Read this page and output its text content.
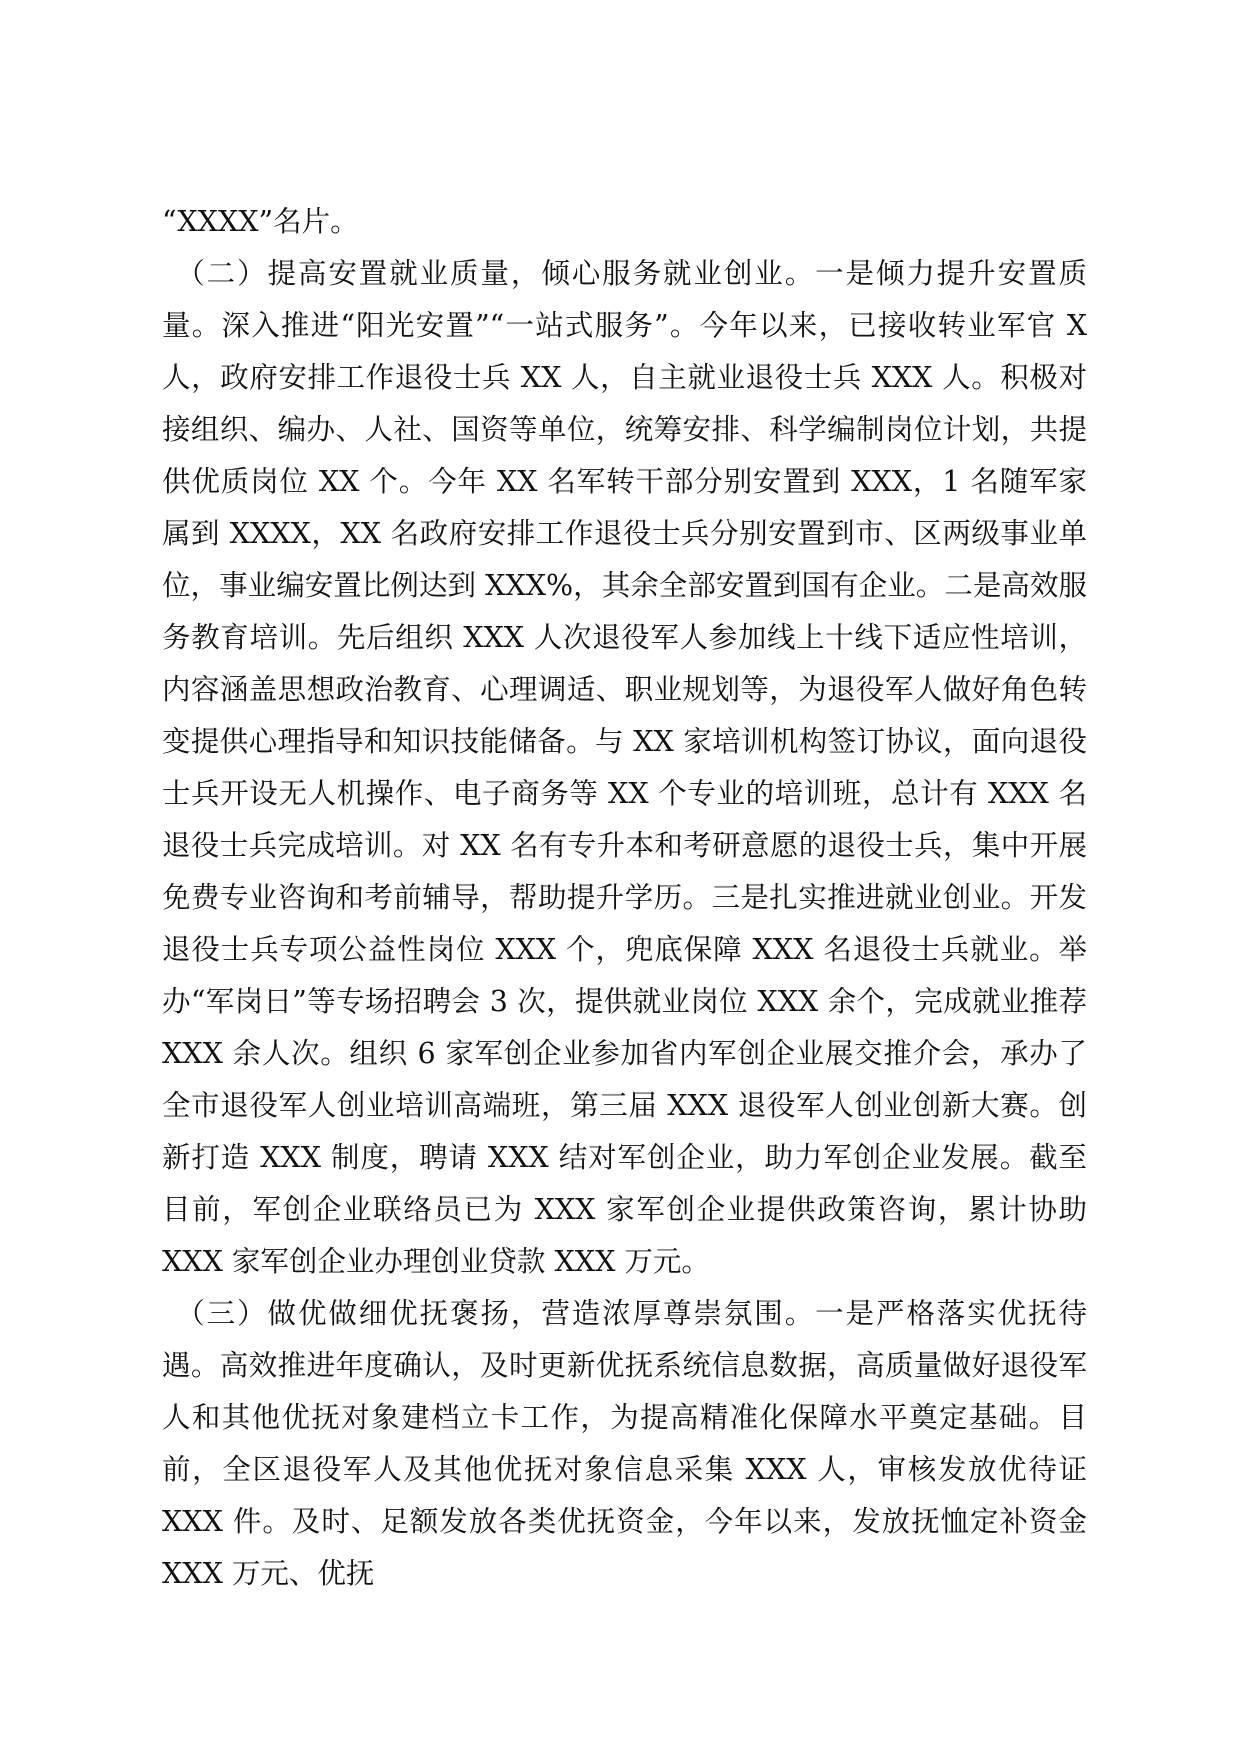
“XXXX”名片。

（二）提高安置就业质量，倾心服务就业创业。一是倾力提升安置质量。深入推进“阳光安置”“一站式服务”。今年以来，已接收转业军官 X 人，政府安排工作退役士兵 XX 人，自主就业退役士兵 XXX 人。积极对接组织、编办、人社、国资等单位，统筹安排、科学编制岗位计划，共提供优质岗位 XX 个。今年 XX 名军转干部分别安置到 XXX，1 名随军家属到 XXXX，XX 名政府安排工作退役士兵分别安置到市、区两级事业单位，事业编安置比例达到 XXX%，其余全部安置到国有企业。二是高效服务教育培训。先后组织 XXX 人次退役军人参加线上十线下适应性培训，内容涵盖思想政治教育、心理调适、职业规划等，为退役军人做好角色转变提供心理指导和知识技能储备。与 XX 家培训机构签订协议，面向退役士兵开设无人机操作、电子商务等 XX 个专业的培训班，总计有 XXX 名退役士兵完成培训。对 XX 名有专升本和考研意愿的退役士兵，集中开展免费专业咨询和考前辅导，帮助提升学历。三是扎实推进就业创业。开发退役士兵专项公益性岗位 XXX 个，兜底保障 XXX 名退役士兵就业。举办“军岗日”等专场招聘会 3 次，提供就业岗位 XXX 余个，完成就业推荐 XXX 余人次。组织 6 家军创企业参加省内军创企业展交推介会，承办了全市退役军人创业培训高端班，第三届 XXX 退役军人创业创新大赛。创新打造 XXX 制度，聘请 XXX 结对军创企业，助力军创企业发展。截至目前，军创企业联络员已为 XXX 家军创企业提供政策咨询，累计协助 XXX 家军创企业办理创业贷款 XXX 万元。

（三）做优做细优抚褒扬，营造浓厚尊崇氛围。一是严格落实优抚待遇。高效推进年度确认，及时更新优抚系统信息数据，高质量做好退役军人和其他优抚对象建档立卡工作，为提高精准化保障水平奠定基础。目前，全区退役军人及其他优抚对象信息采集 XXX 人，审核发放优待证 XXX 件。及时、足额发放各类优抚资金，今年以来，发放抚恤定补资金 XXX 万元、优抚
